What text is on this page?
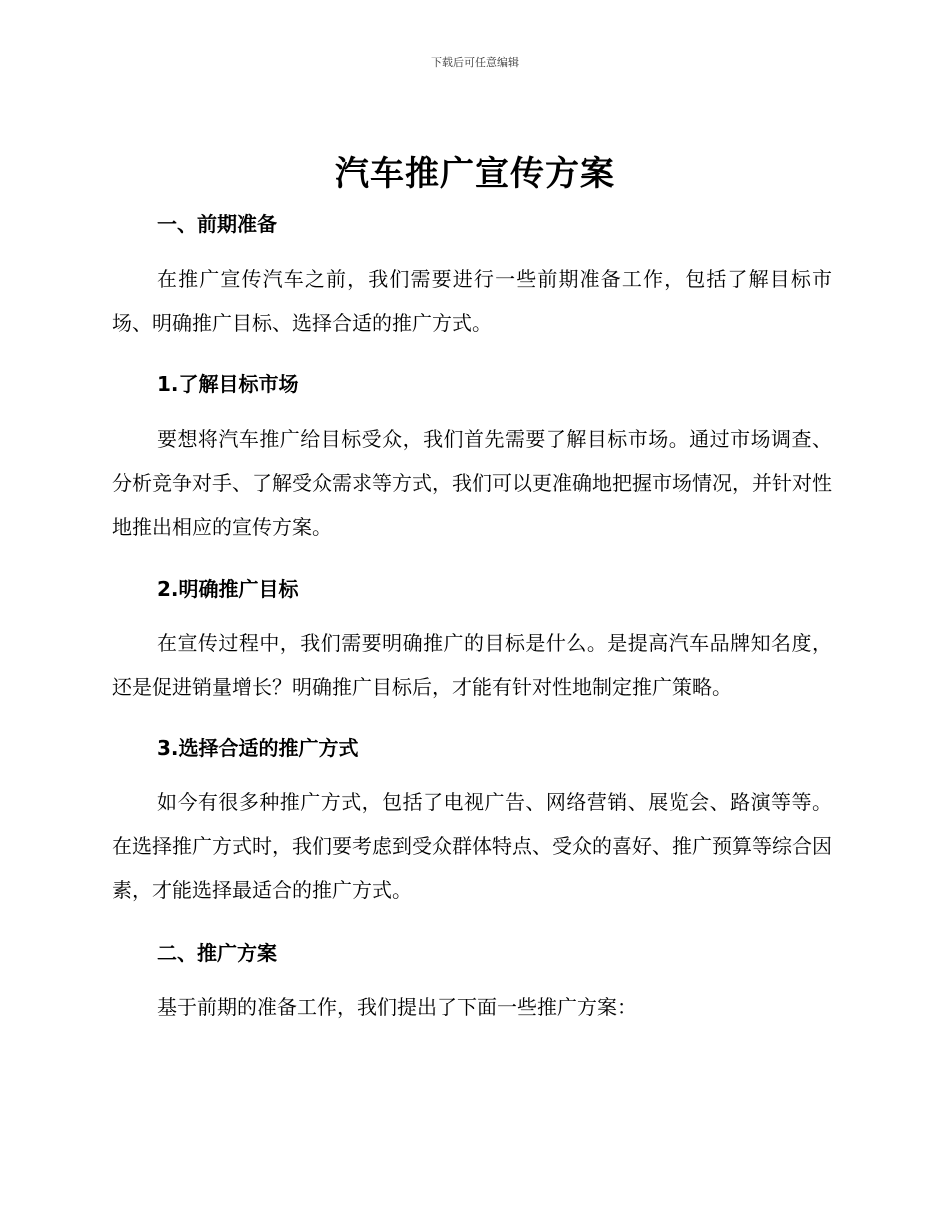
下载后可任意编辑
汽车推广宣传方案
一、前期准备

在推广宣传汽车之前，我们需要进行一些前期准备工作，包括了解目标市场、明确推广目标、选择合适的推广方式。

1.了解目标市场

要想将汽车推广给目标受众，我们首先需要了解目标市场。通过市场调查、分析竞争对手、了解受众需求等方式，我们可以更准确地把握市场情况，并针对性地推出相应的宣传方案。

2.明确推广目标

在宣传过程中，我们需要明确推广的目标是什么。是提高汽车品牌知名度，还是促进销量增长？明确推广目标后，才能有针对性地制定推广策略。

3.选择合适的推广方式

如今有很多种推广方式，包括了电视广告、网络营销、展览会、路演等等。在选择推广方式时，我们要考虑到受众群体特点、受众的喜好、推广预算等综合因素，才能选择最适合的推广方式。

二、推广方案

基于前期的准备工作，我们提出了下面一些推广方案：
